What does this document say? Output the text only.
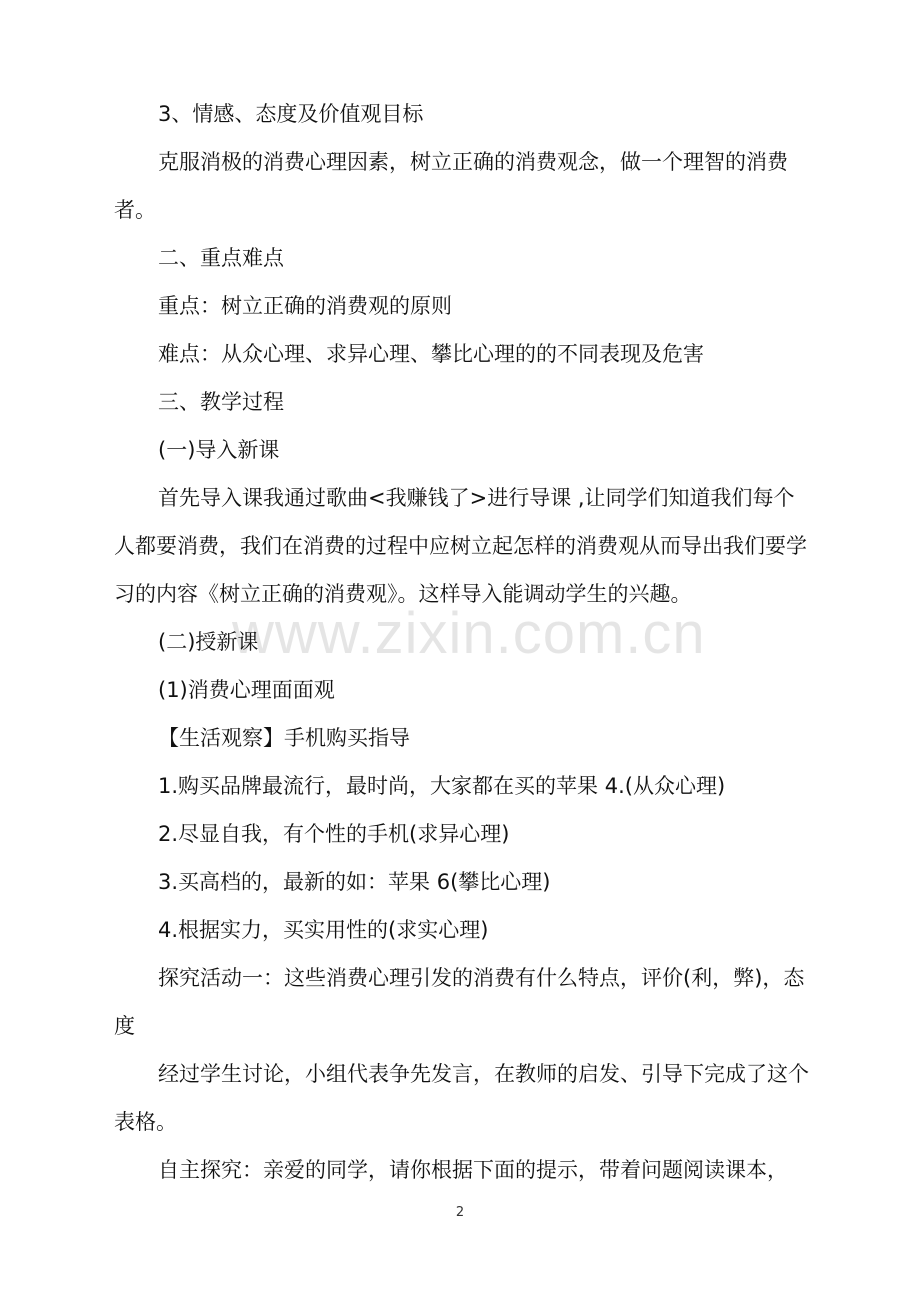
3、情感、态度及价值观目标
克服消极的消费心理因素，树立正确的消费观念，做一个理智的消费者。
二、重点难点
重点：树立正确的消费观的原则
难点：从众心理、求异心理、攀比心理的的不同表现及危害
三、教学过程
(一)导入新课
首先导入课我通过歌曲<我赚钱了>进行导课 ,让同学们知道我们每个人都要消费，我们在消费的过程中应树立起怎样的消费观从而导出我们要学习的内容《树立正确的消费观》。这样导入能调动学生的兴趣。
(二)授新课
(1)消费心理面面观
【生活观察】手机购买指导
1.购买品牌最流行，最时尚，大家都在买的苹果 4.(从众心理)
2.尽显自我，有个性的手机(求异心理)
3.买高档的，最新的如：苹果 6(攀比心理)
4.根据实力，买实用性的(求实心理)
探究活动一：这些消费心理引发的消费有什么特点，评价(利，弊)，态度
经过学生讨论，小组代表争先发言，在教师的启发、引导下完成了这个表格。
自主探究：亲爱的同学，请你根据下面的提示，带着问题阅读课本，
www.zixin.com.cn
2
